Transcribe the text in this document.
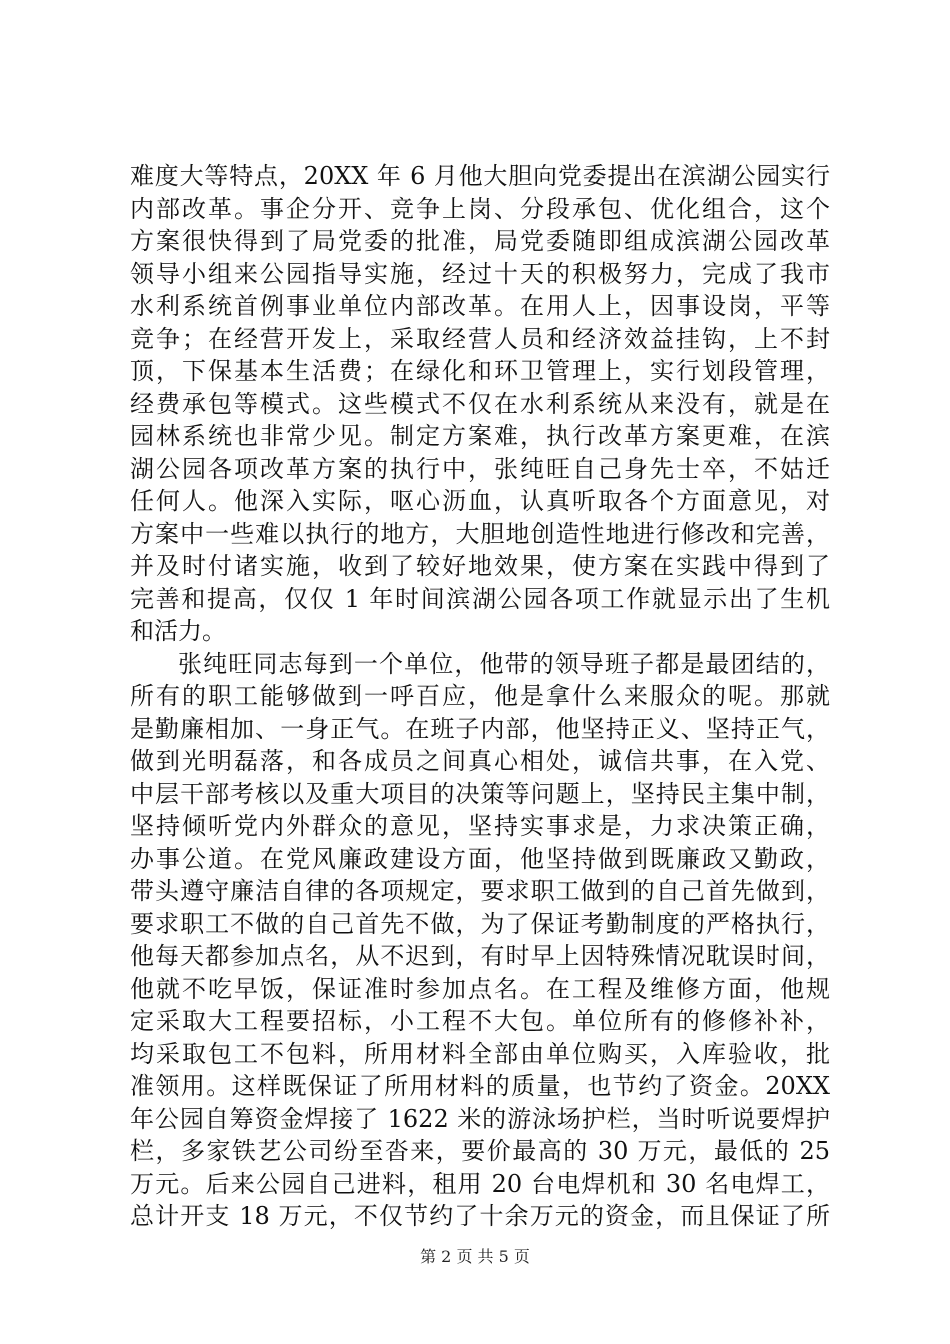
难度大等特点，20XX 年 6 月他大胆向党委提出在滨湖公园实行
内部改革。事企分开、竞争上岗、分段承包、优化组合，这个
方案很快得到了局党委的批准，局党委随即组成滨湖公园改革
领导小组来公园指导实施，经过十天的积极努力，完成了我市
水利系统首例事业单位内部改革。在用人上，因事设岗，平等
竞争；在经营开发上，采取经营人员和经济效益挂钩，上不封
顶，下保基本生活费；在绿化和环卫管理上，实行划段管理，
经费承包等模式。这些模式不仅在水利系统从来没有，就是在
园林系统也非常少见。制定方案难，执行改革方案更难，在滨
湖公园各项改革方案的执行中，张纯旺自己身先士卒，不姑迁
任何人。他深入实际，呕心沥血，认真听取各个方面意见，对
方案中一些难以执行的地方，大胆地创造性地进行修改和完善，
并及时付诸实施，收到了较好地效果，使方案在实践中得到了
完善和提高，仅仅 1 年时间滨湖公园各项工作就显示出了生机
和活力。
张纯旺同志每到一个单位，他带的领导班子都是最团结的，
所有的职工能够做到一呼百应，他是拿什么来服众的呢。那就
是勤廉相加、一身正气。在班子内部，他坚持正义、坚持正气，
做到光明磊落，和各成员之间真心相处，诚信共事，在入党、
中层干部考核以及重大项目的决策等问题上，坚持民主集中制，
坚持倾听党内外群众的意见，坚持实事求是，力求决策正确，
办事公道。在党风廉政建设方面，他坚持做到既廉政又勤政，
带头遵守廉洁自律的各项规定，要求职工做到的自己首先做到，
要求职工不做的自己首先不做，为了保证考勤制度的严格执行，
他每天都参加点名，从不迟到，有时早上因特殊情况耽误时间，
他就不吃早饭，保证准时参加点名。在工程及维修方面，他规
定采取大工程要招标，小工程不大包。单位所有的修修补补，
均采取包工不包料，所用材料全部由单位购买，入库验收，批
准领用。这样既保证了所用材料的质量，也节约了资金。20XX
年公园自筹资金焊接了 1622 米的游泳场护栏，当时听说要焊护
栏，多家铁艺公司纷至沓来，要价最高的 30 万元，最低的 25
万元。后来公园自己进料，租用 20 台电焊机和 30 名电焊工，
总计开支 18 万元，不仅节约了十余万元的资金，而且保证了所
第 2 页 共 5 页
